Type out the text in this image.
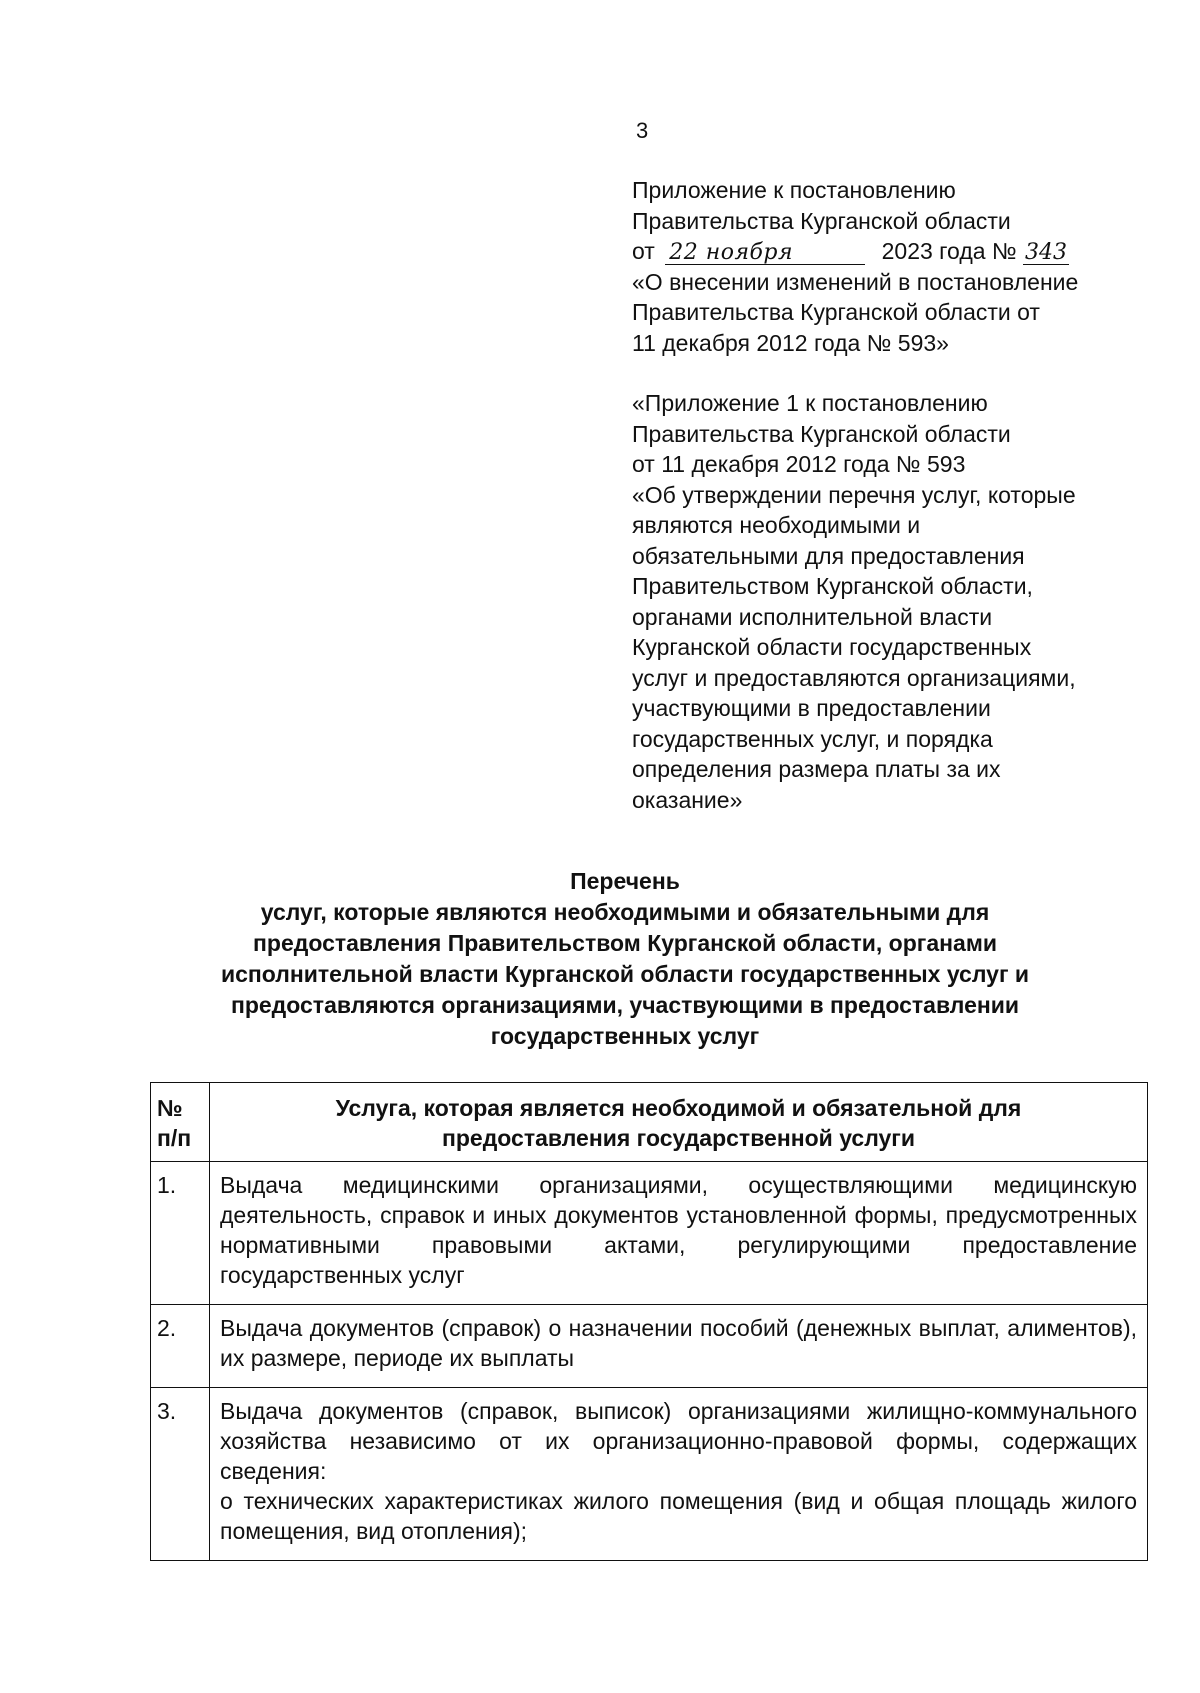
3

Приложение к постановлению

Правительства Курганской области

от 22 ноября	2023 года № 343

«О внесении изменений в постановление

Правительства Курганской области от

11 декабря 2012 года № 593»

«Приложение 1 к постановлению

Правительства Курганской области

от 11 декабря 2012 года № 593

«Об утверждении перечня услуг, которые

являются необходимыми и

обязательными для предоставления

Правительством Курганской области,

органами исполнительной власти

Курганской области государственных

услуг и предоставляются организациями,

участвующими в предоставлении

государственных услуг, и порядка

определения размера платы за их

оказание»

Перечень

услуг, которые являются необходимыми и обязательными для
предоставления Правительством Курганской области, органами
исполнительной власти Курганской области государственных услуг и
предоставляются организациями, участвующими в предоставлении
государственных услуг

№
п/п	Услуга, которая является необходимой и обязательной для
предоставления государственной услуги

1.	Выдача медицинскими организациями, осуществляющими медицинскую деятельность, справок и иных документов установленной формы, предусмотренных нормативными правовыми актами, регулирующими предоставление государственных услуг
2.	Выдача документов (справок) о назначении пособий (денежных выплат, алиментов), их размере, периоде их выплаты
3.	Выдача документов (справок, выписок) организациями жилищно-коммунального хозяйства независимо от их организационно-правовой формы, содержащих сведения:
о технических характеристиках жилого помещения (вид и общая площадь жилого помещения, вид отопления);
